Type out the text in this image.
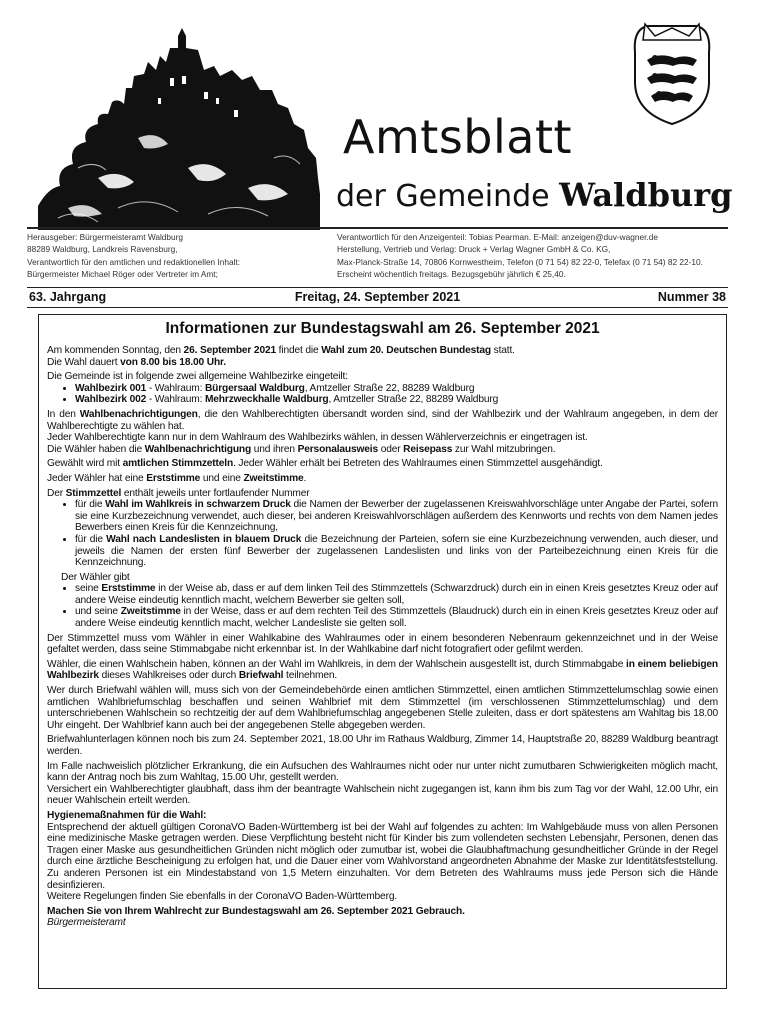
Amtsblatt
der Gemeinde Waldburg
Herausgeber: Bürgermeisteramt Waldburg
88289 Waldburg, Landkreis Ravensburg,
Verantwortlich für den amtlichen und redaktionellen Inhalt:
Bürgermeister Michael Röger oder Vertreter im Amt;
Verantwortlich für den Anzeigenteil: Tobias Pearman. E-Mail: anzeigen@duv-wagner.de
Herstellung, Vertrieb und Verlag: Druck + Verlag Wagner GmbH & Co. KG,
Max-Planck-Straße 14, 70806 Kornwestheim, Telefon (0 71 54) 82 22-0, Telefax (0 71 54) 82 22-10.
Erscheint wöchentlich freitags. Bezugsgebühr jährlich € 25,40.
63. Jahrgang	Freitag, 24. September 2021	Nummer 38
Informationen zur Bundestagswahl am 26. September 2021
Am kommenden Sonntag, den 26. September 2021 findet die Wahl zum 20. Deutschen Bundestag statt.
Die Wahl dauert von 8.00 bis 18.00 Uhr.
Die Gemeinde ist in folgende zwei allgemeine Wahlbezirke eingeteilt:
• Wahlbezirk 001 - Wahlraum: Bürgersaal Waldburg, Amtzeller Straße 22, 88289 Waldburg
• Wahlbezirk 002 - Wahlraum: Mehrzweckhalle Waldburg, Amtzeller Straße 22, 88289 Waldburg
In den Wahlbenachrichtigungen, die den Wahlberechtigten übersandt worden sind, sind der Wahlbezirk und der Wahlraum angegeben, in dem der Wahlberechtigte zu wählen hat.
Jeder Wahlberechtigte kann nur in dem Wahlraum des Wahlbezirks wählen, in dessen Wählerverzeichnis er eingetragen ist.
Die Wähler haben die Wahlbenachrichtigung und ihren Personalausweis oder Reisepass zur Wahl mitzubringen.
Gewählt wird mit amtlichen Stimmzetteln. Jeder Wähler erhält bei Betreten des Wahlraumes einen Stimmzettel ausgehändigt.
Jeder Wähler hat eine Erststimme und eine Zweitstimme.
Der Stimmzettel enthält jeweils unter fortlaufender Nummer
• für die Wahl im Wahlkreis in schwarzem Druck die Namen der Bewerber der zugelassenen Kreiswahlvorschläge unter Angabe der Partei, sofern sie eine Kurzbezeichnung verwendet, auch dieser, bei anderen Kreiswahlvorschlägen außerdem des Kennworts und rechts von dem Namen jedes Bewerbers einen Kreis für die Kennzeichnung,
• für die Wahl nach Landeslisten in blauem Druck die Bezeichnung der Parteien, sofern sie eine Kurzbezeichnung verwenden, auch dieser, und jeweils die Namen der ersten fünf Bewerber der zugelassenen Landeslisten und links von der Parteibezeichnung einen Kreis für die Kennzeichnung.
Der Wähler gibt
• seine Erststimme in der Weise ab, dass er auf dem linken Teil des Stimmzettels (Schwarzdruck) durch ein in einen Kreis gesetztes Kreuz oder auf andere Weise eindeutig kenntlich macht, welchem Bewerber sie gelten soll,
• und seine Zweitstimme in der Weise, dass er auf dem rechten Teil des Stimmzettels (Blaudruck) durch ein in einen Kreis gesetztes Kreuz oder auf andere Weise eindeutig kenntlich macht, welcher Landesliste sie gelten soll.
Der Stimmzettel muss vom Wähler in einer Wahlkabine des Wahlraumes oder in einem besonderen Nebenraum gekennzeichnet und in der Weise gefaltet werden, dass seine Stimmabgabe nicht erkennbar ist. In der Wahlkabine darf nicht fotografiert oder gefilmt werden.
Wähler, die einen Wahlschein haben, können an der Wahl im Wahlkreis, in dem der Wahlschein ausgestellt ist, durch Stimmabgabe in einem beliebigen Wahlbezirk dieses Wahlkreises oder durch Briefwahl teilnehmen.
Wer durch Briefwahl wählen will, muss sich von der Gemeindebehörde einen amtlichen Stimmzettel, einen amtlichen Stimmzettelumschlag sowie einen amtlichen Wahlbriefumschlag beschaffen und seinen Wahlbrief mit dem Stimmzettel (im verschlossenen Stimmzettelumschlag) und dem unterschriebenen Wahlschein so rechtzeitig der auf dem Wahlbriefumschlag angegebenen Stelle zuleiten, dass er dort spätestens am Wahltag bis 18.00 Uhr eingeht. Der Wahlbrief kann auch bei der angegebenen Stelle abgegeben werden.
Briefwahlunterlagen können noch bis zum 24. September 2021, 18.00 Uhr im Rathaus Waldburg, Zimmer 14, Hauptstraße 20, 88289 Waldburg beantragt werden.
Im Falle nachweislich plötzlicher Erkrankung, die ein Aufsuchen des Wahlraumes nicht oder nur unter nicht zumutbaren Schwierigkeiten möglich macht, kann der Antrag noch bis zum Wahltag, 15.00 Uhr, gestellt werden.
Versichert ein Wahlberechtigter glaubhaft, dass ihm der beantragte Wahlschein nicht zugegangen ist, kann ihm bis zum Tag vor der Wahl, 12.00 Uhr, ein neuer Wahlschein erteilt werden.
Hygienemaßnahmen für die Wahl:
Entsprechend der aktuell gültigen CoronaVO Baden-Württemberg ist bei der Wahl auf folgendes zu achten: Im Wahlgebäude muss von allen Personen eine medizinische Maske getragen werden. Diese Verpflichtung besteht nicht für Kinder bis zum vollendeten sechsten Lebensjahr, Personen, denen das Tragen einer Maske aus gesundheitlichen Gründen nicht möglich oder zumutbar ist, wobei die Glaubhaftmachung gesundheitlicher Gründe in der Regel durch eine ärztliche Bescheinigung zu erfolgen hat, und die Dauer einer vom Wahlvorstand angeordneten Abnahme der Maske zur Identitätsfeststellung. Zu anderen Personen ist ein Mindestabstand von 1,5 Metern einzuhalten. Vor dem Betreten des Wahlraums muss jede Person sich die Hände desinfizieren.
Weitere Regelungen finden Sie ebenfalls in der CoronaVO Baden-Württemberg.
Machen Sie von Ihrem Wahlrecht zur Bundestagswahl am 26. September 2021 Gebrauch.
Bürgermeisteramt
